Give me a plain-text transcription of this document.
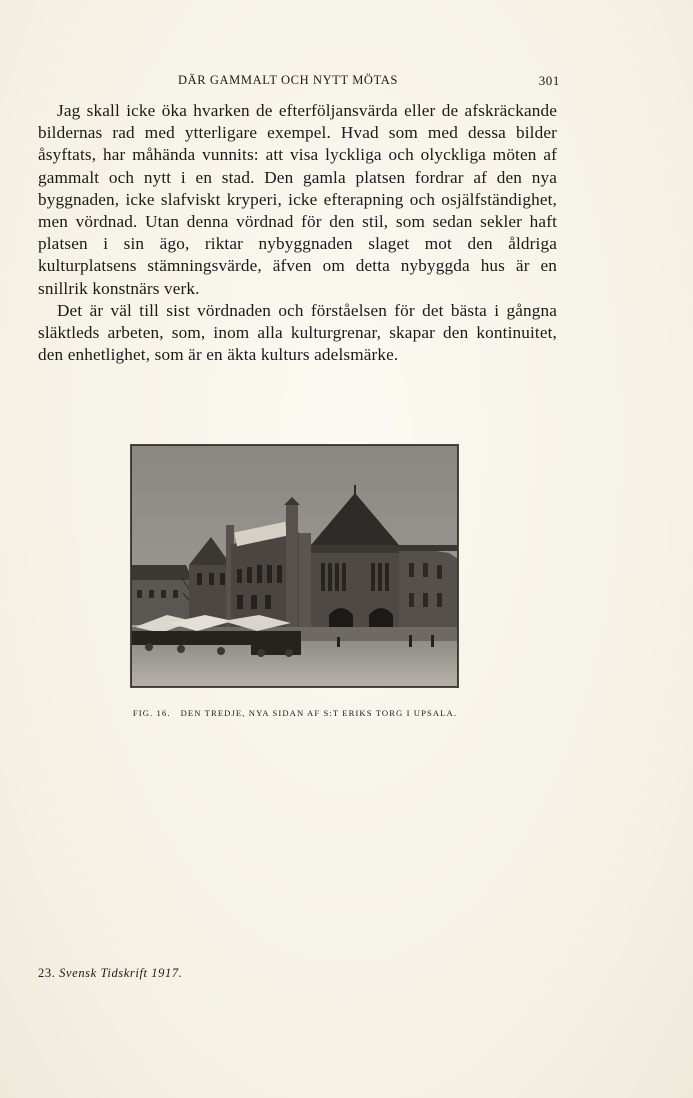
DÄR GAMMALT OCH NYTT MÖTAS	301

Jag skall icke öka hvarken de efterföljansvärda eller de afskräckande bildernas rad med ytterligare exempel. Hvad som med dessa bilder åsyftats, har måhända vunnits: att visa lyckliga och olyckliga möten af gammalt och nytt i en stad. Den gamla platsen fordrar af den nya byggnaden, icke slafviskt kryperi, icke efterapning och osjälfständighet, men vördnad. Utan denna vördnad för den stil, som sedan sekler haft platsen i sin ägo, riktar nybyggnaden slaget mot den åldriga kulturplatsens stämningsvärde, äfven om detta nybyggda hus är en snillrik konstnärs verk.

Det är väl till sist vördnaden och förståelsen för det bästa i gångna släktleds arbeten, som, inom alla kulturgrenar, skapar den kontinuitet, den enhetlighet, som är en äkta kulturs adelsmärke.

FIG. 16. DEN TREDJE, NYA SIDAN AF S:T ERIKS TORG I UPSALA.
23. Svensk Tidskrift 1917.
